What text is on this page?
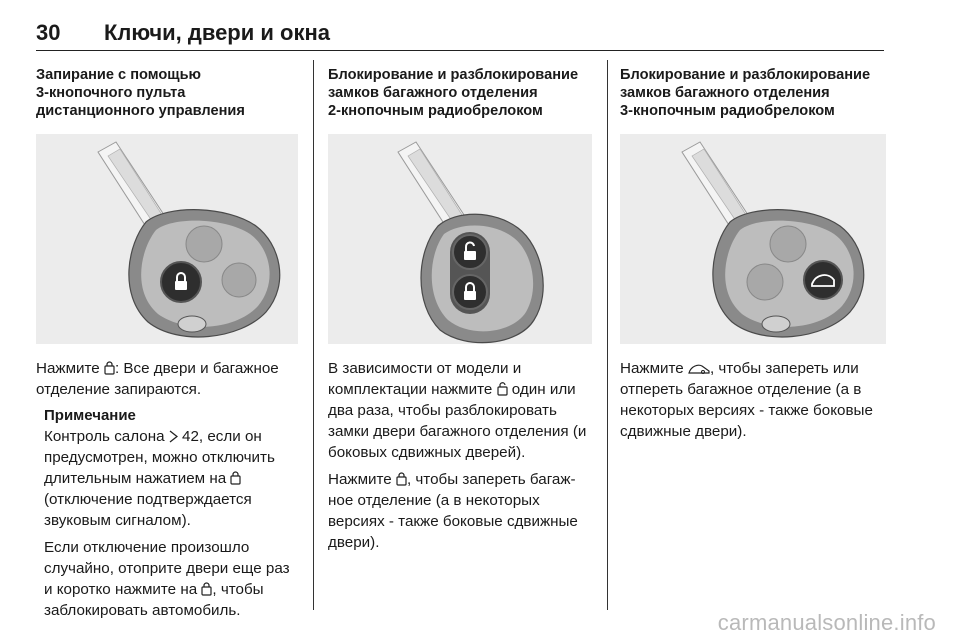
30 Ключи, двери и окна

Запирание с помощью
3-кнопочного пульта
дистанционного управления

Нажмите : Все двери и багажное отделение запираются.

Примечание

Контроль салона  42, если он предусмотрен, можно отключить длительным нажатием на  (отключение подтверждается звуковым сигналом).

Если отключение произошло случайно, отоприте двери еще раз и коротко нажмите на , чтобы заблокировать автомобиль.

Блокирование и разблокирование
замков багажного отделения
2-кнопочным радиобрелоком

В зависимости от модели и комплектации нажмите  один или два раза, чтобы разблокировать замки двери багажного отделения (и боковых сдвижных дверей).

Нажмите , чтобы запереть багаж-ное отделение (а в некоторых версиях - также боковые сдвижные двери).

Блокирование и разблокирование
замков багажного отделения
3-кнопочным радиобрелоком

Нажмите , чтобы запереть или отпереть багажное отделение (а в некоторых версиях - также боковые сдвижные двери).

carmanualsonline.info
